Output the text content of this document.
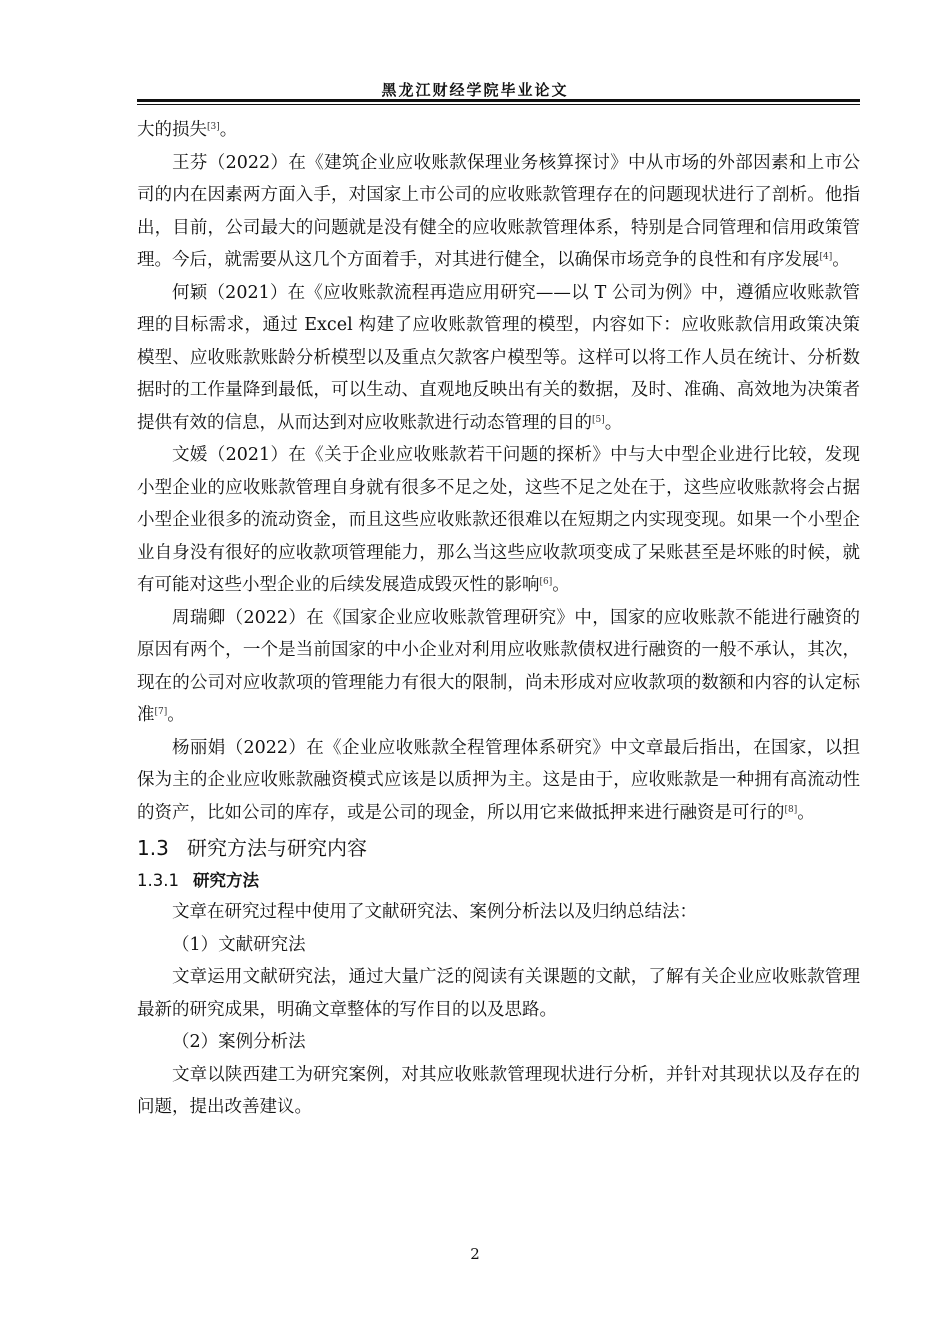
黑龙江财经学院毕业论文

大的损失[3]。

王芬（2022）在《建筑企业应收账款保理业务核算探讨》中从市场的外部因素和上市公司的内在因素两方面入手，对国家上市公司的应收账款管理存在的问题现状进行了剖析。他指出，目前，公司最大的问题就是没有健全的应收账款管理体系，特别是合同管理和信用政策管理。今后，就需要从这几个方面着手，对其进行健全，以确保市场竞争的良性和有序发展[4]。

何颖（2021）在《应收账款流程再造应用研究——以 T 公司为例》中，遵循应收账款管理的目标需求，通过 Excel 构建了应收账款管理的模型，内容如下：应收账款信用政策决策模型、应收账款账龄分析模型以及重点欠款客户模型等。这样可以将工作人员在统计、分析数据时的工作量降到最低，可以生动、直观地反映出有关的数据，及时、准确、高效地为决策者提供有效的信息，从而达到对应收账款进行动态管理的目的[5]。

文媛（2021）在《关于企业应收账款若干问题的探析》中与大中型企业进行比较，发现小型企业的应收账款管理自身就有很多不足之处，这些不足之处在于，这些应收账款将会占据小型企业很多的流动资金，而且这些应收账款还很难以在短期之内实现变现。如果一个小型企业自身没有很好的应收款项管理能力，那么当这些应收款项变成了呆账甚至是坏账的时候，就有可能对这些小型企业的后续发展造成毁灭性的影响[6]。

周瑞卿（2022）在《国家企业应收账款管理研究》中，国家的应收账款不能进行融资的原因有两个，一个是当前国家的中小企业对利用应收账款债权进行融资的一般不承认，其次，现在的公司对应收款项的管理能力有很大的限制，尚未形成对应收款项的数额和内容的认定标准[7]。

杨丽娟（2022）在《企业应收账款全程管理体系研究》中文章最后指出，在国家，以担保为主的企业应收账款融资模式应该是以质押为主。这是由于，应收账款是一种拥有高流动性的资产，比如公司的库存，或是公司的现金，所以用它来做抵押来进行融资是可行的[8]。

1.3 研究方法与研究内容
1.3.1 研究方法

文章在研究过程中使用了文献研究法、案例分析法以及归纳总结法：

（1）文献研究法

文章运用文献研究法，通过大量广泛的阅读有关课题的文献，了解有关企业应收账款管理最新的研究成果，明确文章整体的写作目的以及思路。

（2）案例分析法

文章以陕西建工为研究案例，对其应收账款管理现状进行分析，并针对其现状以及存在的问题，提出改善建议。

2
